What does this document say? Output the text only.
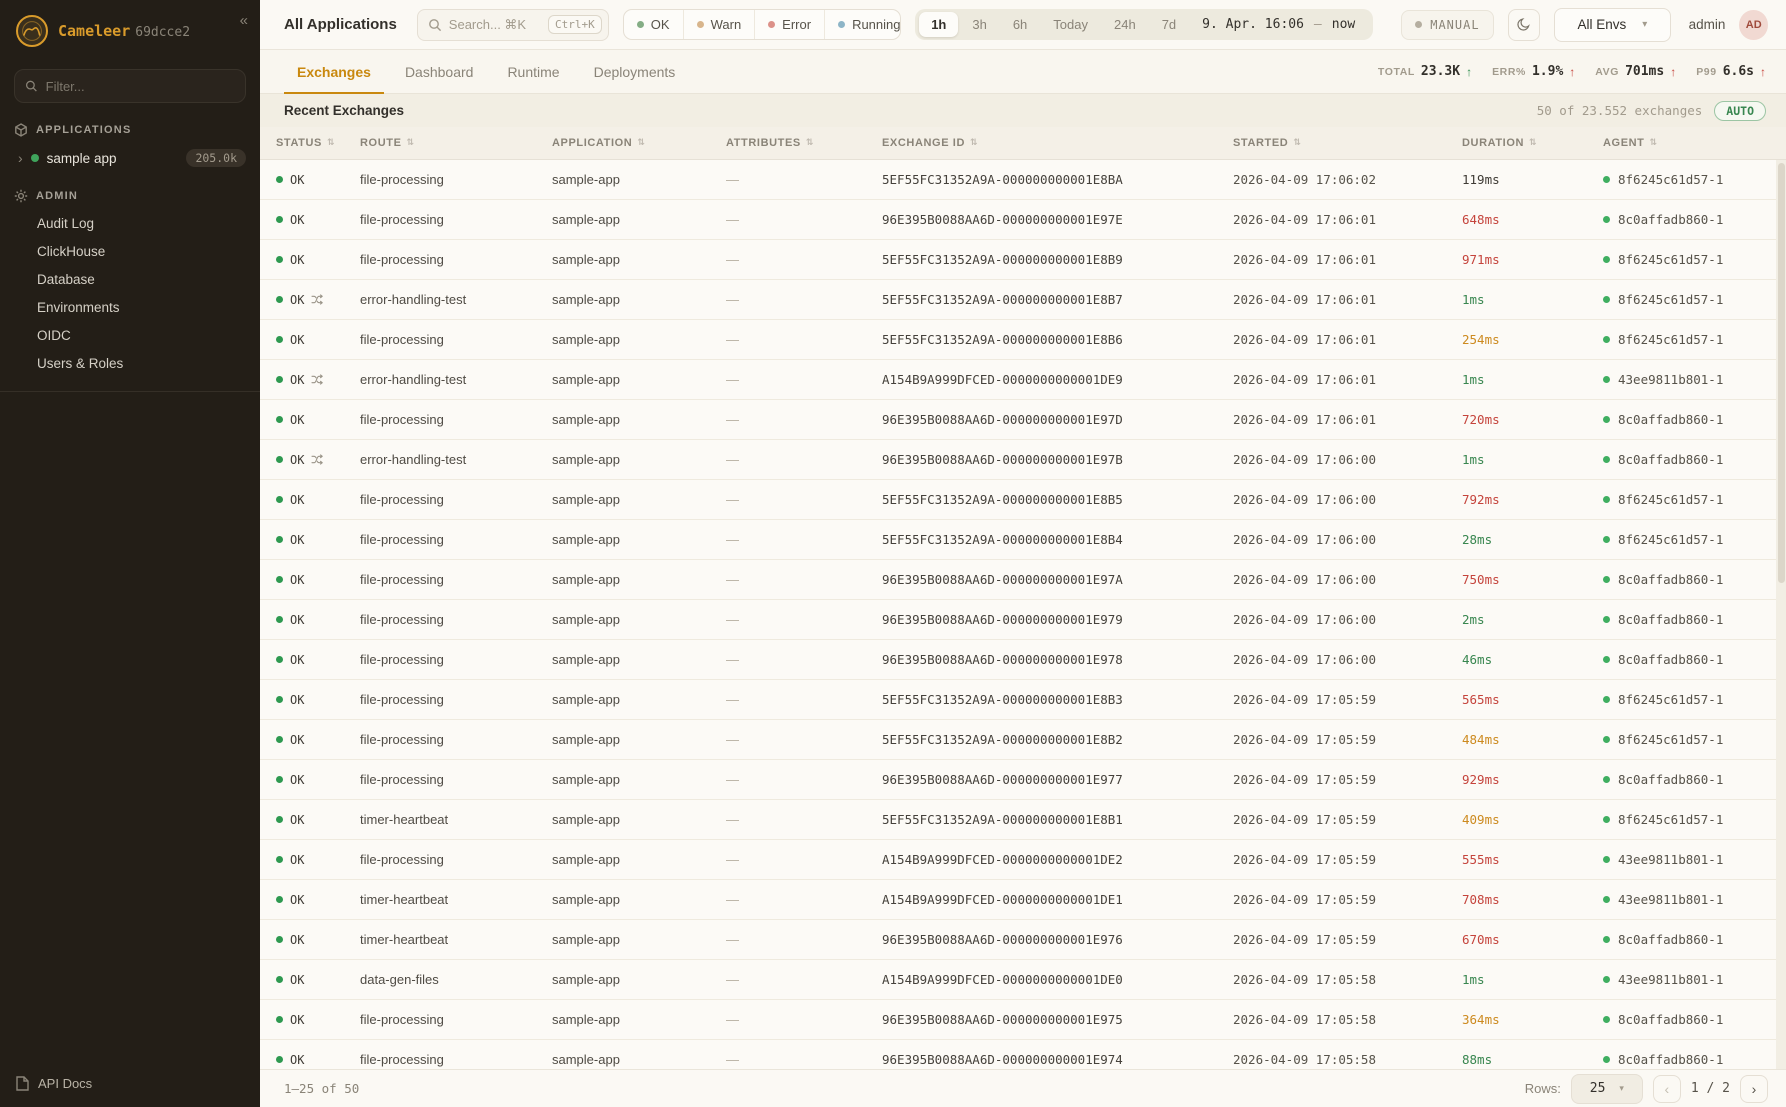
Cameleer 69dcce2
«
Filter...
APPLICATIONS
› sample app	205.0k
ADMIN
Audit Log
ClickHouse
Database
Environments
OIDC
Users & Roles
API Docs
All Applications
Search... ⌘K	Ctrl+K	OK	Warn	Error	Running	1h	3h	6h	Today	24h	7d	9. Apr. 16:06 — now	MANUAL	All Envs ▾	admin	AD
Exchanges	Dashboard	Runtime	Deployments	TOTAL 23.3K ↑ ERR% 1.9% ↑ AVG 701ms ↑ P99 6.6s ↑
Recent Exchanges	50 of 23.552 exchanges	AUTO
STATUS ⇅ ROUTE ⇅	APPLICATION ⇅	ATTRIBUTES ⇅	EXCHANGE ID ⇅	STARTED ⇅	DURATION ⇅	AGENT ⇅
OK	file-processing	sample-app	—	5EF55FC31352A9A-000000000001E8BA	2026-04-09 17:06:02	119ms	8f6245c61d57-1
OK	file-processing	sample-app	—	96E395B0088AA6D-000000000001E97E	2026-04-09 17:06:01	648ms	8c0affadb860-1
OK	file-processing	sample-app	—	5EF55FC31352A9A-000000000001E8B9	2026-04-09 17:06:01	971ms	8f6245c61d57-1
OK	error-handling-test	sample-app	—	5EF55FC31352A9A-000000000001E8B7	2026-04-09 17:06:01	1ms	8f6245c61d57-1
OK	file-processing	sample-app	—	5EF55FC31352A9A-000000000001E8B6	2026-04-09 17:06:01	254ms	8f6245c61d57-1
OK	error-handling-test	sample-app	—	A154B9A999DFCED-0000000000001DE9	2026-04-09 17:06:01	1ms	43ee9811b801-1
OK	file-processing	sample-app	—	96E395B0088AA6D-000000000001E97D	2026-04-09 17:06:01	720ms	8c0affadb860-1
OK	error-handling-test	sample-app	—	96E395B0088AA6D-000000000001E97B	2026-04-09 17:06:00	1ms	8c0affadb860-1
OK	file-processing	sample-app	—	5EF55FC31352A9A-000000000001E8B5	2026-04-09 17:06:00	792ms	8f6245c61d57-1
OK	file-processing	sample-app	—	5EF55FC31352A9A-000000000001E8B4	2026-04-09 17:06:00	28ms	8f6245c61d57-1
OK	file-processing	sample-app	—	96E395B0088AA6D-000000000001E97A	2026-04-09 17:06:00	750ms	8c0affadb860-1
OK	file-processing	sample-app	—	96E395B0088AA6D-000000000001E979	2026-04-09 17:06:00	2ms	8c0affadb860-1
OK	file-processing	sample-app	—	96E395B0088AA6D-000000000001E978	2026-04-09 17:06:00	46ms	8c0affadb860-1
OK	file-processing	sample-app	—	5EF55FC31352A9A-000000000001E8B3	2026-04-09 17:05:59	565ms	8f6245c61d57-1
OK	file-processing	sample-app	—	5EF55FC31352A9A-000000000001E8B2	2026-04-09 17:05:59	484ms	8f6245c61d57-1
OK	file-processing	sample-app	—	96E395B0088AA6D-000000000001E977	2026-04-09 17:05:59	929ms	8c0affadb860-1
OK	timer-heartbeat	sample-app	—	5EF55FC31352A9A-000000000001E8B1	2026-04-09 17:05:59	409ms	8f6245c61d57-1
OK	file-processing	sample-app	—	A154B9A999DFCED-0000000000001DE2	2026-04-09 17:05:59	555ms	43ee9811b801-1
OK	timer-heartbeat	sample-app	—	A154B9A999DFCED-0000000000001DE1	2026-04-09 17:05:59	708ms	43ee9811b801-1
OK	timer-heartbeat	sample-app	—	96E395B0088AA6D-000000000001E976	2026-04-09 17:05:59	670ms	8c0affadb860-1
OK	data-gen-files	sample-app	—	A154B9A999DFCED-0000000000001DE0	2026-04-09 17:05:58	1ms	43ee9811b801-1
OK	file-processing	sample-app	—	96E395B0088AA6D-000000000001E975	2026-04-09 17:05:58	364ms	8c0affadb860-1
OK	file-processing	sample-app	—	96E395B0088AA6D-000000000001E974	2026-04-09 17:05:58	88ms	8c0affadb860-1
1–25 of 50	Rows: 25 ▾	‹	1 / 2	›
